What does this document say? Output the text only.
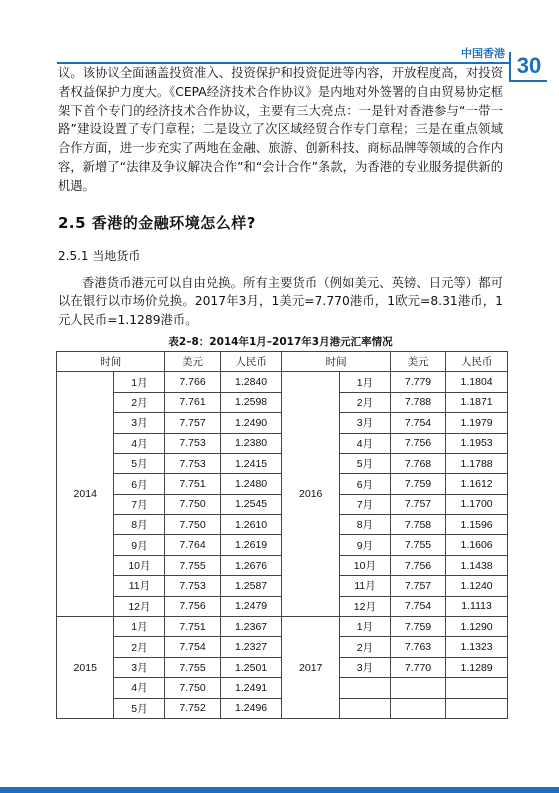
中国香港 30

议。该协议全面涵盖投资准入、投资保护和投资促进等内容，开放程度高，对投资者权益保护力度大。《CEPA经济技术合作协议》是内地对外签署的自由贸易协定框架下首个专门的经济技术合作协议，主要有三大亮点：一是针对香港参与“一带一路”建设设置了专门章程；二是设立了次区域经贸合作专门章程；三是在重点领域合作方面，进一步充实了两地在金融、旅游、创新科技、商标品牌等领域的合作内容，新增了“法律及争议解决合作”和“会计合作”条款，为香港的专业服务提供新的机遇。

2.5 香港的金融环境怎么样?
2.5.1 当地货币

香港货币港元可以自由兑换。所有主要货币（例如美元、英镑、日元等）都可以在银行以市场价兑换。2017年3月，1美元=7.770港币，1欧元=8.31港币，1元人民币=1.1289港币。

表2–8：2014年1月–2017年3月港元汇率情况
时间		美元	人民币	时间		美元	人民币
2014	1月	7.766	1.2840	2016	1月	7.779	1.1804
	2月	7.761	1.2598		2月	7.788	1.1871
	3月	7.757	1.2490		3月	7.754	1.1979
	4月	7.753	1.2380		4月	7.756	1.1953
	5月	7.753	1.2415		5月	7.768	1.1788
	6月	7.751	1.2480		6月	7.759	1.1612
	7月	7.750	1.2545		7月	7.757	1.1700
	8月	7.750	1.2610		8月	7.758	1.1596
	9月	7.764	1.2619		9月	7.755	1.1606
	10月	7.755	1.2676		10月	7.756	1.1438
	11月	7.753	1.2587		11月	7.757	1.1240
	12月	7.756	1.2479		12月	7.754	1.1113
2015	1月	7.751	1.2367	2017	1月	7.759	1.1290
	2月	7.754	1.2327		2月	7.763	1.1323
	3月	7.755	1.2501		3月	7.770	1.1289
	4月	7.750	1.2491				
	5月	7.752	1.2496				
